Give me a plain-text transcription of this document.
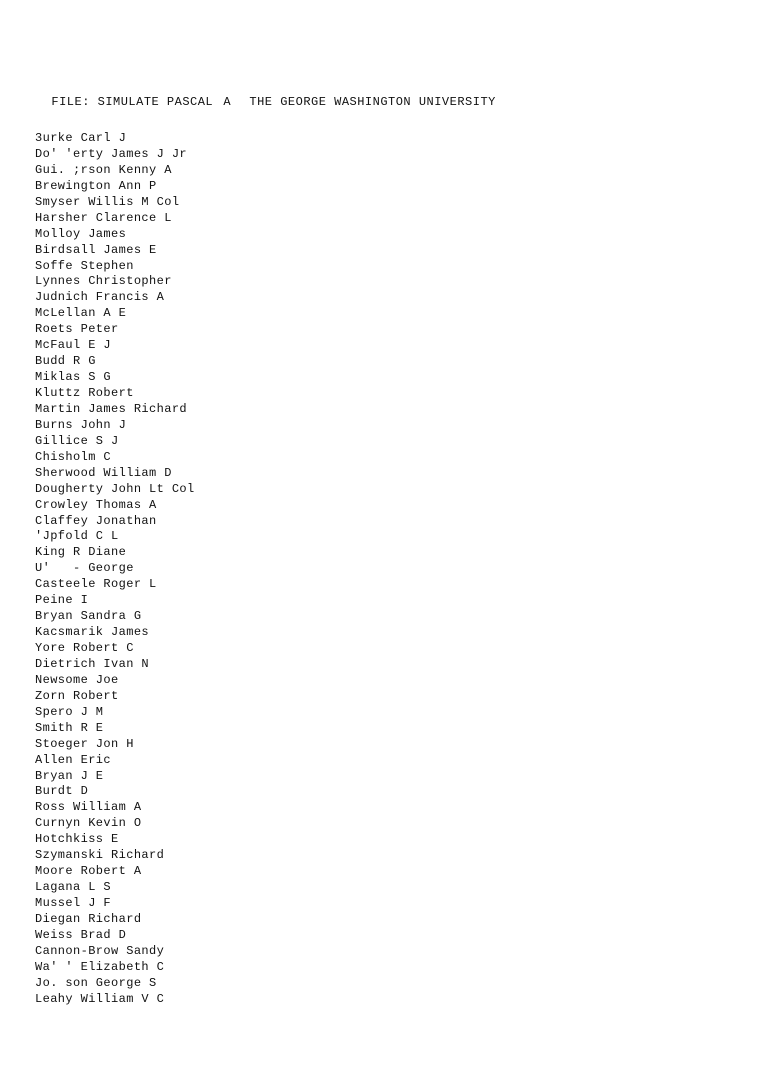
FILE: SIMULATE PASCAL A THE GEORGE WASHINGTON UNIVERSITY

3urke Carl J
Do' 'erty James J Jr
Gui. ;rson Kenny A
Brewington Ann P
Smyser Willis M Col
Harsher Clarence L
Molloy James
Birdsall James E
Soffe Stephen
Lynnes Christopher
Judnich Francis A
McLellan A E
Roets Peter
McFaul E J
Budd R G
Miklas S G
Kluttz Robert
Martin James Richard
Burns John J
Gillice S J
Chisholm C
Sherwood William D
Dougherty John Lt Col
Crowley Thomas A
Claffey Jonathan
'Jpfold C L
King R Diane
U'   - George
Casteele Roger L
Peine I
Bryan Sandra G
Kacsmarik James
Yore Robert C
Dietrich Ivan N
Newsome Joe
Zorn Robert
Spero J M
Smith R E
Stoeger Jon H
Allen Eric
Bryan J E
Burdt D
Ross William A
Curnyn Kevin O
Hotchkiss E
Szymanski Richard
Moore Robert A
Lagana L S
Mussel J F
Diegan Richard
Weiss Brad D
Cannon-Brow Sandy
Wa' ' Elizabeth C
Jo. son George S
Leahy William V C
